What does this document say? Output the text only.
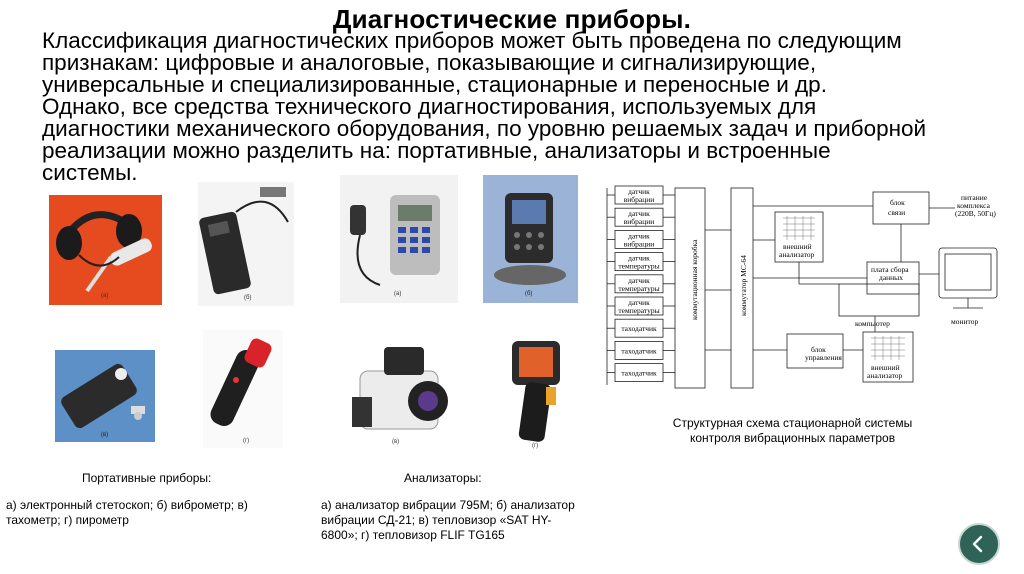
Диагностические приборы.
Классификация диагностических приборов может быть проведена по следующим
признакам: цифровые и аналоговые, показывающие и сигнализирующие,
универсальные и специализированные, стационарные и переносные и др.
Однако, все средства технического диагностирования, используемых для
диагностики механического оборудования, по уровню решаемых задач и приборной
реализации можно разделить на: портативные, анализаторы и встроенные
системы.
(а)	(б)
(в)
(г)
(а)	(б)
(в)
(г)
Портативные приборы:
а) электронный стетоскоп; б) виброметр; в)
тахометр; г) пирометр
Анализаторы:
а) анализатор вибрации 795М; б) анализатор
вибрации СД-21; в) тепловизор «SAT HY-
6800»; г) тепловизор FLIF TG165
датчик
вибрации
датчик
вибрации
датчик
вибрации
датчик
температуры
датчик
температуры
датчик
температуры
таходатчик
таходатчик
таходатчик
коммутационная коробка	коммутатор МС-64
блок
связи
питание
комплекса
(220В, 50Гц)
внешний
анализатор
плата сбора
данных
компьютер	монитор
блок
управления
внешний
анализатор
Структурная схема стационарной системы
контроля вибрационных параметров
